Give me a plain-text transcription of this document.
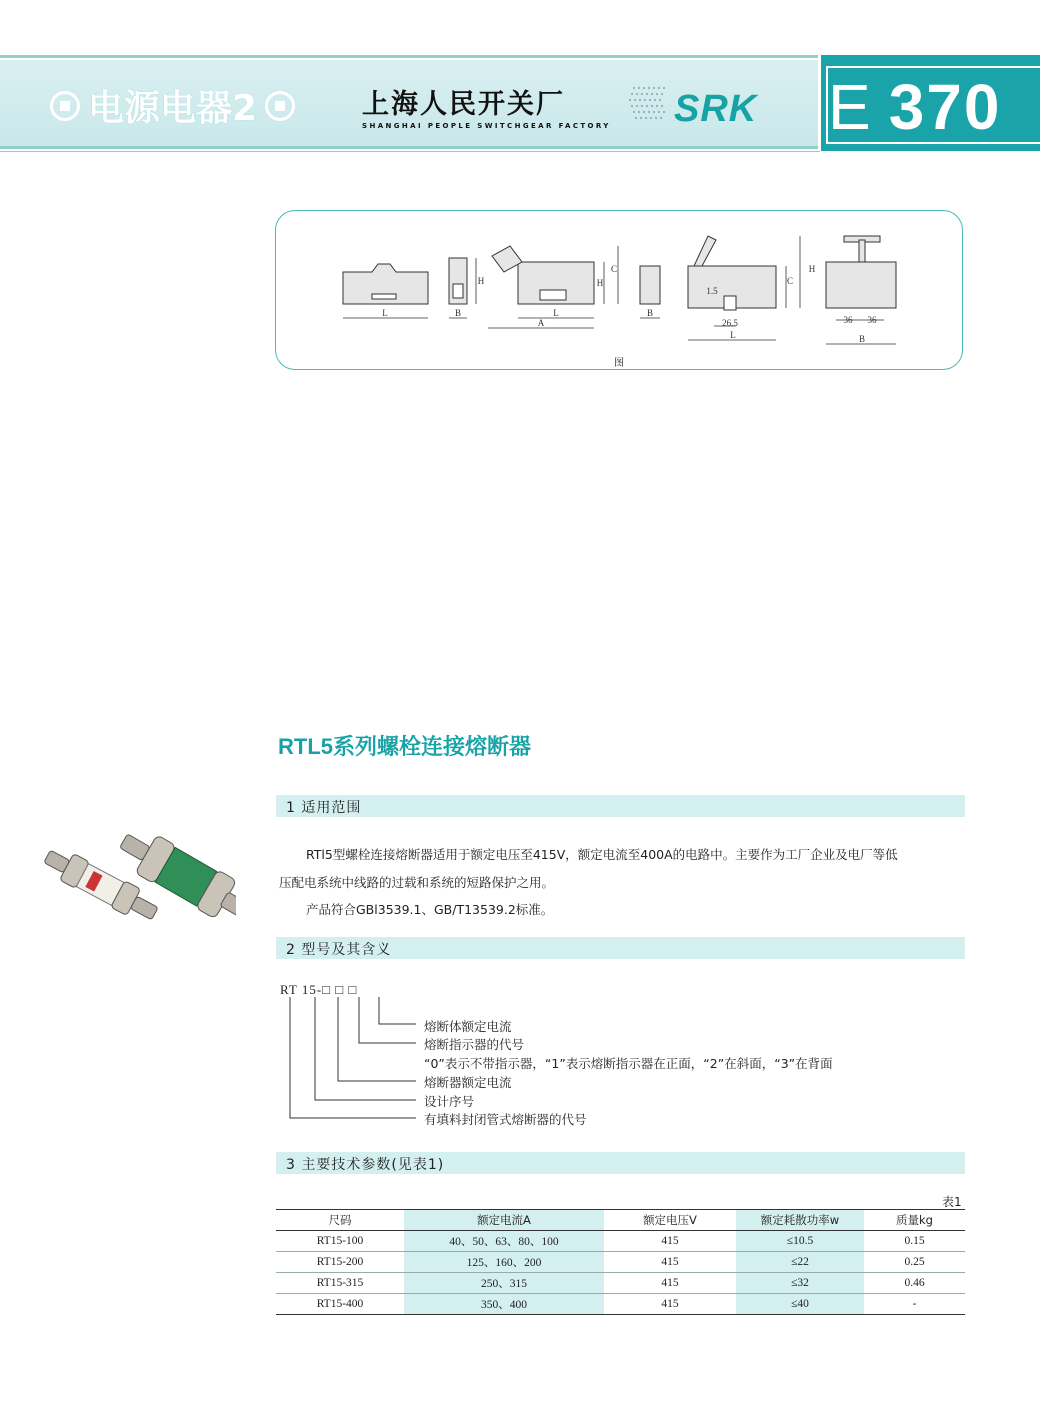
E 370
电源电器2	上海人民开关厂
SHANGHAI PEOPLE SWITCHGEAR FACTORY SRK
L	B
H
A
L
H
C
B
H
C
1.5
26.5
L
36 36
B
图
RTL5系列螺栓连接熔断器
1 适用范围
RTl5型螺栓连接熔断器适用于额定电压至415V，额定电流至400A的电路中。主要作为工厂企业及电厂等低
压配电系统中线路的过载和系统的短路保护之用。
产品符合GBl3539.1、GB/T13539.2标准。
2 型号及其含义
RT 15-□ □ □
熔断体额定电流
熔断指示器的代号
“0”表示不带指示器，“1”表示熔断指示器在正面，“2”在斜面，“3”在背面
熔断器额定电流
设计序号
有填料封闭管式熔断器的代号
3 主要技术参数(见表1)
表1
尺码	额定电流A	额定电压V	额定耗散功率w	质量kg
RT15-100	40、50、63、80、100	415	≤10.5	0.15
RT15-200	125、160、200	415	≤22	0.25
RT15-315	250、315	415	≤32	0.46
RT15-400	350、400	415	≤40	-
